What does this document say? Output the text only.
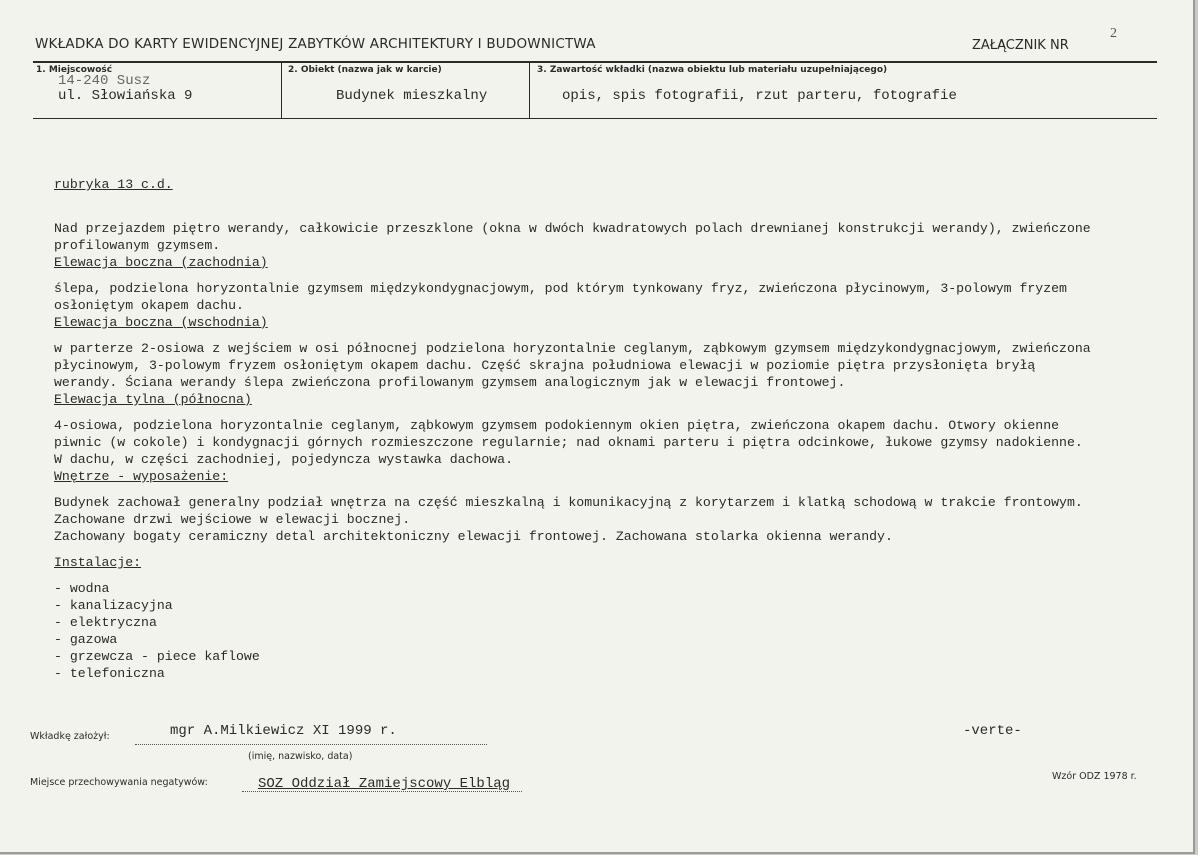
WKŁADKA DO KARTY EWIDENCYJNEJ ZABYTKÓW ARCHITEKTURY I BUDOWNICTWA	ZAŁĄCZNIK NR
2
1. Miejscowość
14-240 Susz
ul. Słowiańska 9
2. Obiekt (nazwa jak w karcie)
Budynek mieszkalny
3. Zawartość wkładki (nazwa obiektu lub materiału uzupełniającego)
opis, spis fotografii, rzut parteru, fotografie

rubryka 13 c.d.

Nad przejazdem piętro werandy, całkowicie przeszklone (okna w dwóch kwadratowych polach drewnianej konstrukcji werandy), zwieńczone

profilowanym gzymsem.

Elewacja boczna (zachodnia)

ślepa, podzielona horyzontalnie gzymsem międzykondygnacjowym, pod którym tynkowany fryz, zwieńczona płycinowym, 3-polowym fryzem

osłoniętym okapem dachu.

Elewacja boczna (wschodnia)

w parterze 2-osiowa z wejściem w osi północnej podzielona horyzontalnie ceglanym, ząbkowym gzymsem międzykondygnacjowym, zwieńczona

płycinowym, 3-polowym fryzem osłoniętym okapem dachu. Część skrajna południowa elewacji w poziomie piętra przysłonięta bryłą

werandy. Ściana werandy ślepa zwieńczona profilowanym gzymsem analogicznym jak w elewacji frontowej.

Elewacja tylna (północna)

4-osiowa, podzielona horyzontalnie ceglanym, ząbkowym gzymsem podokiennym okien piętra, zwieńczona okapem dachu. Otwory okienne

piwnic (w cokole) i kondygnacji górnych rozmieszczone regularnie; nad oknami parteru i piętra odcinkowe, łukowe gzymsy nadokienne.

W dachu, w części zachodniej, pojedyncza wystawka dachowa.

Wnętrze - wyposażenie:

Budynek zachował generalny podział wnętrza na część mieszkalną i komunikacyjną z korytarzem i klatką schodową w trakcie frontowym.

Zachowane drzwi wejściowe w elewacji bocznej.

Zachowany bogaty ceramiczny detal architektoniczny elewacji frontowej. Zachowana stolarka okienna werandy.

Instalacje:

- wodna

- kanalizacyjna

- elektryczna

- gazowa

- grzewcza - piece kaflowe

- telefoniczna

Wkładkę założył:	mgr A.Milkiewicz XI 1999 r.
(imię, nazwisko, data)
-verte-
Miejsce przechowywania negatywów:	SOZ Oddział Zamiejscowy Elbląg	Wzór ODZ 1978 r.
